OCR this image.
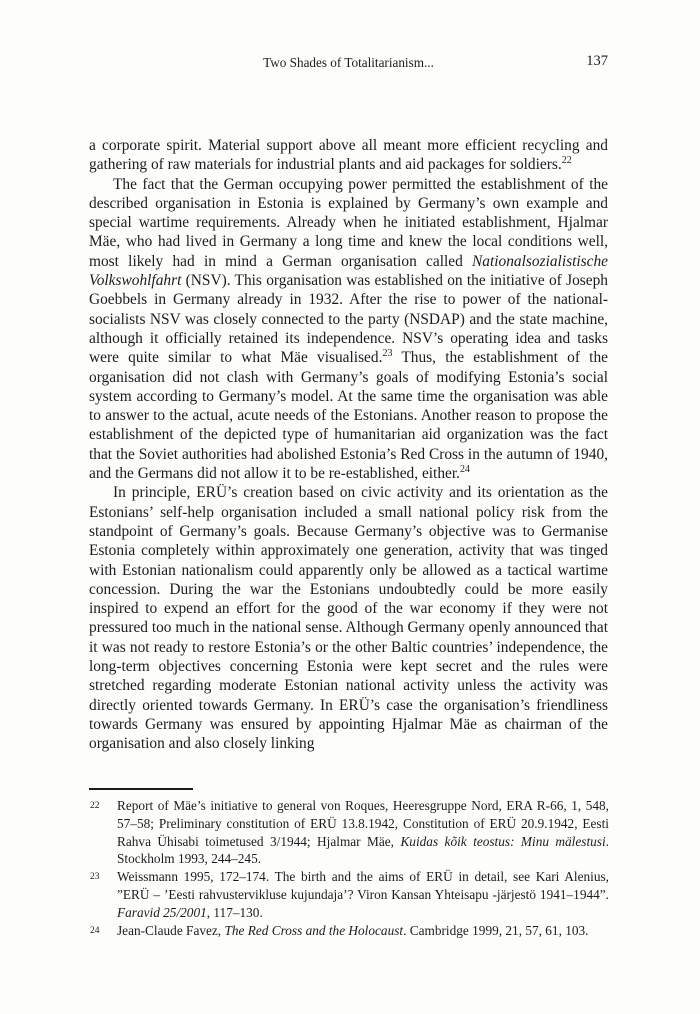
Two Shades of Totalitarianism...	137

a corporate spirit. Material support above all meant more efficient recycling and gathering of raw materials for industrial plants and aid packages for soldiers.$^{22}$

The fact that the German occupying power permitted the establishment of the described organisation in Estonia is explained by Germany’s own example and special wartime requirements. Already when he initiated establishment, Hjalmar Mäe, who had lived in Germany a long time and knew the local conditions well, most likely had in mind a German organisation called Nationalsozialistische Volkswohlfahrt (NSV). This organisation was established on the initiative of Joseph Goebbels in Germany already in 1932. After the rise to power of the national-socialists NSV was closely connected to the party (NSDAP) and the state machine, although it officially retained its independence. NSV’s operating idea and tasks were quite similar to what Mäe visualised.$^{23}$ Thus, the establishment of the organisation did not clash with Germany’s goals of modifying Estonia’s social system according to Germany’s model. At the same time the organisation was able to answer to the actual, acute needs of the Estonians. Another reason to propose the establishment of the depicted type of humanitarian aid organization was the fact that the Soviet authorities had abolished Estonia’s Red Cross in the autumn of 1940, and the Germans did not allow it to be re-established, either.$^{24}$

In principle, ERÜ’s creation based on civic activity and its orientation as the Estonians’ self-help organisation included a small national policy risk from the standpoint of Germany’s goals. Because Germany’s objective was to Germanise Estonia completely within approximately one generation, activity that was tinged with Estonian nationalism could apparently only be allowed as a tactical wartime concession. During the war the Estonians undoubtedly could be more easily inspired to expend an effort for the good of the war economy if they were not pressured too much in the national sense. Although Germany openly announced that it was not ready to restore Estonia’s or the other Baltic countries’ independence, the long-term objectives concerning Estonia were kept secret and the rules were stretched regarding moderate Estonian national activity unless the activity was directly oriented towards Germany. In ERÜ’s case the organisation’s friendliness towards Germany was ensured by appointing Hjalmar Mäe as chairman of the organisation and also closely linking

22 Report of Mäe’s initiative to general von Roques, Heeresgruppe Nord, ERA R-66, 1, 548, 57–58; Preliminary constitution of ERÜ 13.8.1942, Constitution of ERÜ 20.9.1942, Eesti Rahva Ühisabi toimetused 3/1944; Hjalmar Mäe, Kuidas kõik teostus: Minu mälestusi. Stockholm 1993, 244–245.
23 Weissmann 1995, 172–174. The birth and the aims of ERÜ in detail, see Kari Alenius, ”ERÜ – ’Eesti rahvustervikluse kujundaja’? Viron Kansan Yhteisapu -järjestö 1941–1944”. Faravid 25/2001, 117–130.
24 Jean-Claude Favez, The Red Cross and the Holocaust. Cambridge 1999, 21, 57, 61, 103.
